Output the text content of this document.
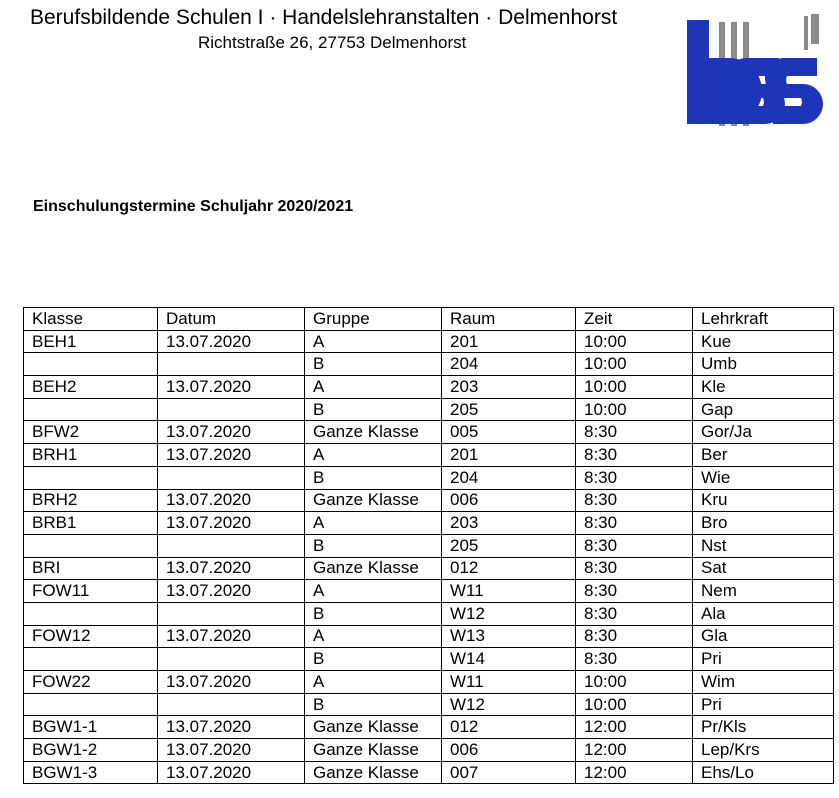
Berufsbildende Schulen I · Handelslehranstalten · Delmenhorst
Richtstraße 26, 27753 Delmenhorst
Einschulungstermine Schuljahr 2020/2021
Klasse	Datum	Gruppe	Raum	Zeit	Lehrkraft
BEH1	13.07.2020	A	201	10:00	Kue
		B	204	10:00	Umb
BEH2	13.07.2020	A	203	10:00	Kle
		B	205	10:00	Gap
BFW2	13.07.2020	Ganze Klasse	005	8:30	Gor/Ja
BRH1	13.07.2020	A	201	8:30	Ber
		B	204	8:30	Wie
BRH2	13.07.2020	Ganze Klasse	006	8:30	Kru
BRB1	13.07.2020	A	203	8:30	Bro
		B	205	8:30	Nst
BRI	13.07.2020	Ganze Klasse	012	8:30	Sat
FOW11	13.07.2020	A	W11	8:30	Nem
		B	W12	8:30	Ala
FOW12	13.07.2020	A	W13	8:30	Gla
		B	W14	8:30	Pri
FOW22	13.07.2020	A	W11	10:00	Wim
		B	W12	10:00	Pri
BGW1-1	13.07.2020	Ganze Klasse	012	12:00	Pr/Kls
BGW1-2	13.07.2020	Ganze Klasse	006	12:00	Lep/Krs
BGW1-3	13.07.2020	Ganze Klasse	007	12:00	Ehs/Lo
